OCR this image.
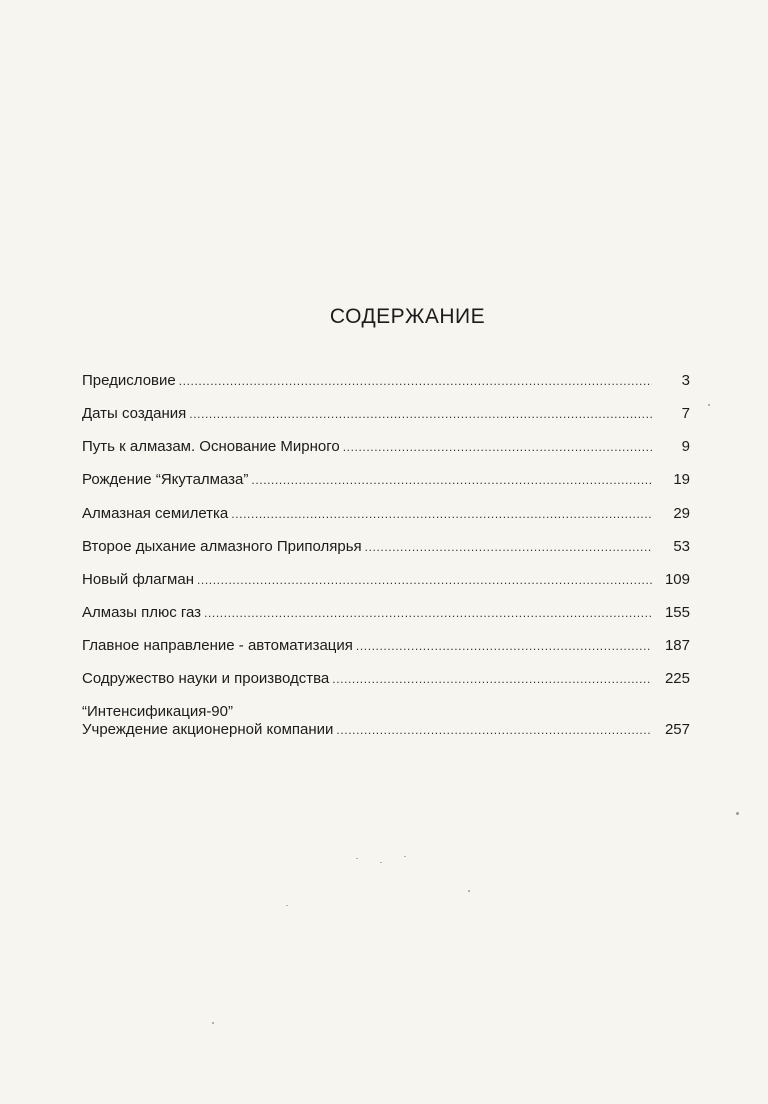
СОДЕРЖАНИЕ
Предисловие .....	3
Даты создания .....	7
Путь к алмазам. Основание Мирного .....	9
Рождение “Якуталмаза” .....	19
Алмазная семилетка .....	29
Второе дыхание алмазного Приполярья .....	53
Новый флагман .....	109
Алмазы плюс газ .....	155
Главное направление - автоматизация .....	187
Содружество науки и производства .....	225
“Интенсификация-90”
Учреждение акционерной компании .....	257
